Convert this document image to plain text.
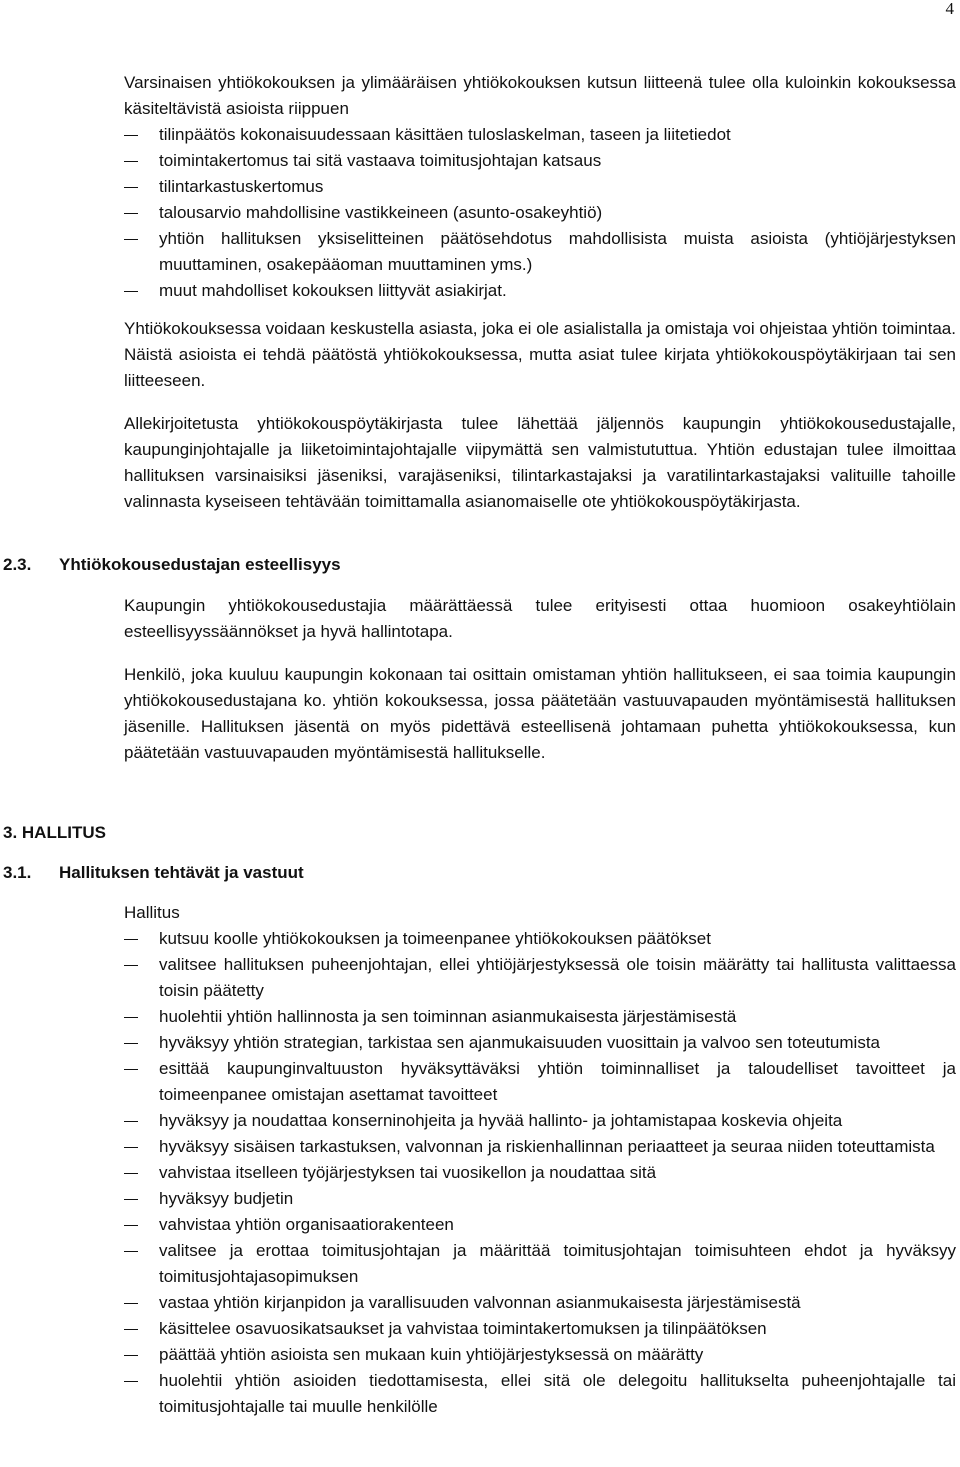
4

Varsinaisen yhtiökokouksen ja ylimääräisen yhtiökokouksen kutsun liitteenä tulee olla kuloinkin kokouksessa käsiteltävistä asioista riippuen

tilinpäätös kokonaisuudessaan käsittäen tuloslaskelman, taseen ja liitetiedot
toimintakertomus tai sitä vastaava toimitusjohtajan katsaus
tilintarkastuskertomus
talousarvio mahdollisine vastikkeineen (asunto-osakeyhtiö)
yhtiön hallituksen yksiselitteinen päätösehdotus mahdollisista muista asioista (yhtiöjärjestyksen muuttaminen, osakepääoman muuttaminen yms.)
muut mahdolliset kokouksen liittyvät asiakirjat.

Yhtiökokouksessa voidaan keskustella asiasta, joka ei ole asialistalla ja omistaja voi ohjeistaa yhtiön toimintaa. Näistä asioista ei tehdä päätöstä yhtiökokouksessa, mutta asiat tulee kirjata yhtiökokouspöytäkirjaan tai sen liitteeseen.

Allekirjoitetusta yhtiökokouspöytäkirjasta tulee lähettää jäljennös kaupungin yhtiökokousedustajalle, kaupunginjohtajalle ja liiketoimintajohtajalle viipymättä sen valmistututtua. Yhtiön edustajan tulee ilmoittaa hallituksen varsinaisiksi jäseniksi, varajäseniksi, tilintarkastajaksi ja varatilintarkastajaksi valituille tahoille valinnasta kyseiseen tehtävään toimittamalla asianomaiselle ote yhtiökokouspöytäkirjasta.

2.3. Yhtiökokousedustajan esteellisyys

Kaupungin yhtiökokousedustajia määrättäessä tulee erityisesti ottaa huomioon osakeyhtiölain esteellisyyssäännökset ja hyvä hallintotapa.

Henkilö, joka kuuluu kaupungin kokonaan tai osittain omistaman yhtiön hallitukseen, ei saa toimia kaupungin yhtiökokousedustajana ko. yhtiön kokouksessa, jossa päätetään vastuuvapauden myöntämisestä hallituksen jäsenille. Hallituksen jäsentä on myös pidettävä esteellisenä johtamaan puhetta yhtiökokouksessa, kun päätetään vastuuvapauden myöntämisestä hallitukselle.

3. HALLITUS
3.1. Hallituksen tehtävät ja vastuut

Hallitus

kutsuu koolle yhtiökokouksen ja toimeenpanee yhtiökokouksen päätökset
valitsee hallituksen puheenjohtajan, ellei yhtiöjärjestyksessä ole toisin määrätty tai hallitusta valittaessa toisin päätetty
huolehtii yhtiön hallinnosta ja sen toiminnan asianmukaisesta järjestämisestä
hyväksyy yhtiön strategian, tarkistaa sen ajanmukaisuuden vuosittain ja valvoo sen toteutumista
esittää kaupunginvaltuuston hyväksyttäväksi yhtiön toiminnalliset ja taloudelliset tavoitteet ja toimeenpanee omistajan asettamat tavoitteet
hyväksyy ja noudattaa konserninohjeita ja hyvää hallinto- ja johtamistapaa koskevia ohjeita
hyväksyy sisäisen tarkastuksen, valvonnan ja riskienhallinnan periaatteet ja seuraa niiden toteuttamista
vahvistaa itselleen työjärjestyksen tai vuosikellon ja noudattaa sitä
hyväksyy budjetin
vahvistaa yhtiön organisaatiorakenteen
valitsee ja erottaa toimitusjohtajan ja määrittää toimitusjohtajan toimisuhteen ehdot ja hyväksyy toimitusjohtajasopimuksen
vastaa yhtiön kirjanpidon ja varallisuuden valvonnan asianmukaisesta järjestämisestä
käsittelee osavuosikatsaukset ja vahvistaa toimintakertomuksen ja tilinpäätöksen
päättää yhtiön asioista sen mukaan kuin yhtiöjärjestyksessä on määrätty
huolehtii yhtiön asioiden tiedottamisesta, ellei sitä ole delegoitu hallitukselta puheenjohtajalle tai toimitusjohtajalle tai muulle henkilölle
